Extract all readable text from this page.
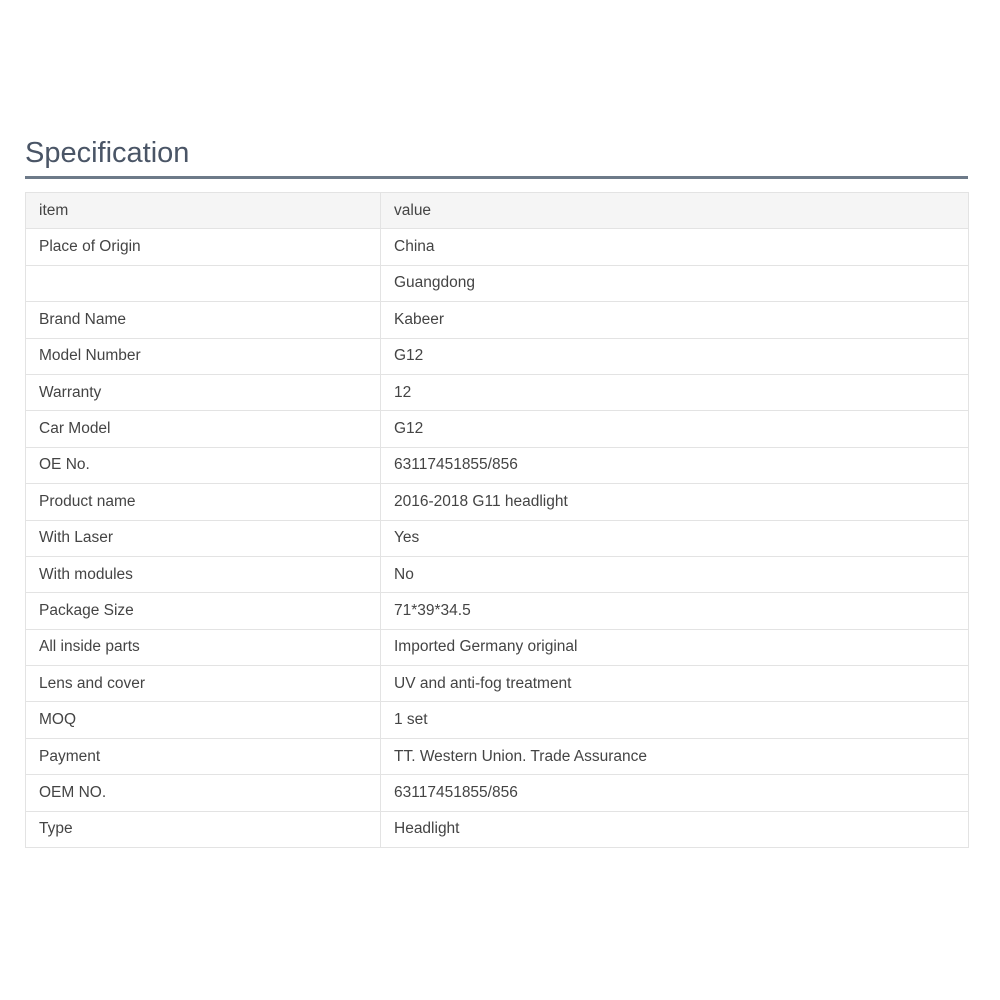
Specification
item	value
Place of Origin	China
	Guangdong
Brand Name	Kabeer
Model Number	G12
Warranty	12
Car Model	G12
OE No.	63117451855/856
Product name	2016-2018 G11 headlight
With Laser	Yes
With modules	No
Package Size	71*39*34.5
All inside parts	Imported Germany original
Lens and cover	UV and anti-fog treatment
MOQ	1 set
Payment	TT. Western Union. Trade Assurance
OEM NO.	63117451855/856
Type	Headlight
